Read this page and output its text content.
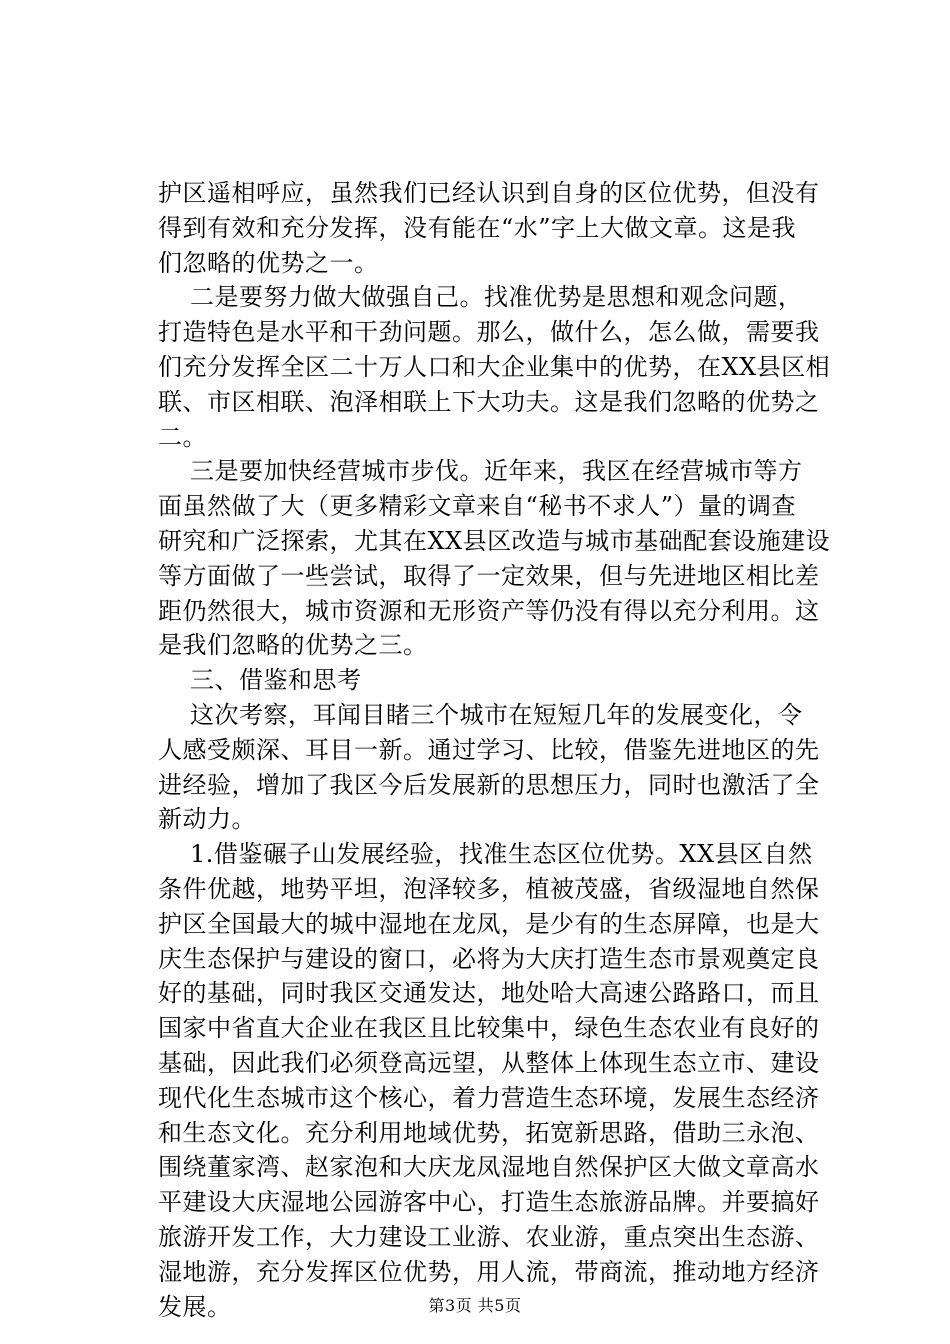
护区遥相呼应，虽然我们已经认识到自身的区位优势，但没有
得到有效和充分发挥，没有能在“水”字上大做文章。这是我
们忽略的优势之一。
二是要努力做大做强自己。找准优势是思想和观念问题，
打造特色是水平和干劲问题。那么，做什么，怎么做，需要我
们充分发挥全区二十万人口和大企业集中的优势，在XX县区相
联、市区相联、泡泽相联上下大功夫。这是我们忽略的优势之
二。
三是要加快经营城市步伐。近年来，我区在经营城市等方
面虽然做了大（更多精彩文章来自“秘书不求人”）量的调查
研究和广泛探索，尤其在XX县区改造与城市基础配套设施建设
等方面做了一些尝试，取得了一定效果，但与先进地区相比差
距仍然很大，城市资源和无形资产等仍没有得以充分利用。这
是我们忽略的优势之三。
三、借鉴和思考
这次考察，耳闻目睹三个城市在短短几年的发展变化，令
人感受颇深、耳目一新。通过学习、比较，借鉴先进地区的先
进经验，增加了我区今后发展新的思想压力，同时也激活了全
新动力。
1.借鉴碾子山发展经验，找准生态区位优势。XX县区自然
条件优越，地势平坦，泡泽较多，植被茂盛，省级湿地自然保
护区全国最大的城中湿地在龙凤，是少有的生态屏障，也是大
庆生态保护与建设的窗口，必将为大庆打造生态市景观奠定良
好的基础，同时我区交通发达，地处哈大高速公路路口，而且
国家中省直大企业在我区且比较集中，绿色生态农业有良好的
基础，因此我们必须登高远望，从整体上体现生态立市、建设
现代化生态城市这个核心，着力营造生态环境，发展生态经济
和生态文化。充分利用地域优势，拓宽新思路，借助三永泡、
围绕董家湾、赵家泡和大庆龙凤湿地自然保护区大做文章高水
平建设大庆湿地公园游客中心，打造生态旅游品牌。并要搞好
旅游开发工作，大力建设工业游、农业游，重点突出生态游、
湿地游，充分发挥区位优势，用人流，带商流，推动地方经济
发展。	第3页 共5页
